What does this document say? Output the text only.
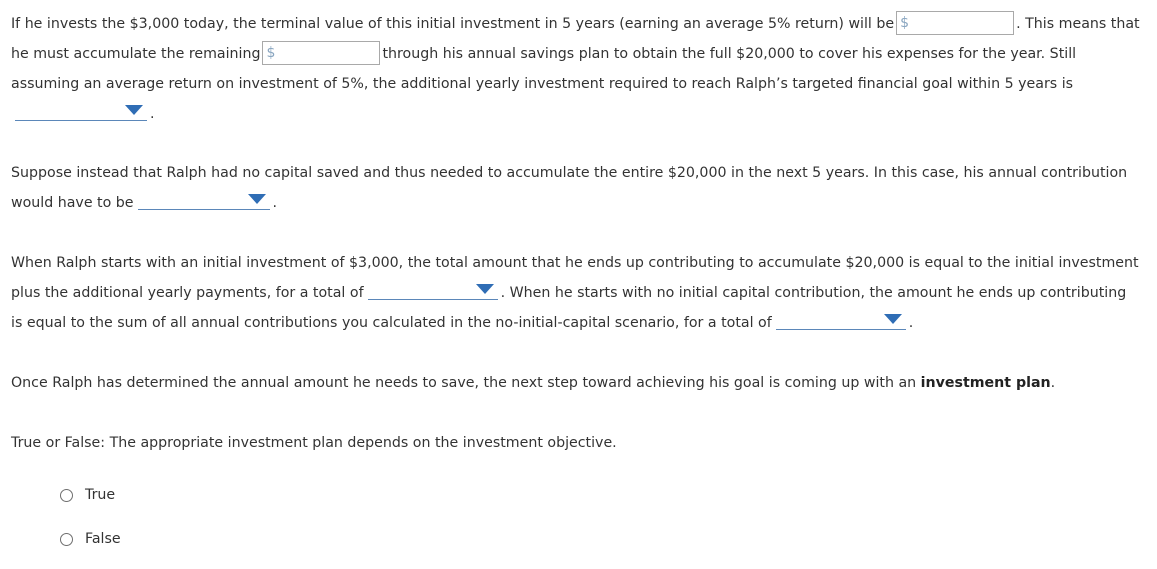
If he invests the $3,000 today, the terminal value of this initial investment in 5 years (earning an average 5% return) will be $	. This means that he must accumulate the remaining $	through his annual savings plan to obtain the full $20,000 to cover his expenses for the year. Still assuming an average return on investment of 5%, the additional yearly investment required to reach Ralph’s targeted financial goal within 5 years is
.
Suppose instead that Ralph had no capital saved and thus needed to accumulate the entire $20,000 in the next 5 years. In this case, his annual contribution would have to be	.
When Ralph starts with an initial investment of $3,000, the total amount that he ends up contributing to accumulate $20,000 is equal to the initial investment plus the additional yearly payments, for a total of	. When he starts with no initial capital contribution, the amount he ends up contributing is equal to the sum of all annual contributions you calculated in the no-initial-capital scenario, for a total of	.
Once Ralph has determined the annual amount he needs to save, the next step toward achieving his goal is coming up with an investment plan.
True or False: The appropriate investment plan depends on the investment objective.
True
False
